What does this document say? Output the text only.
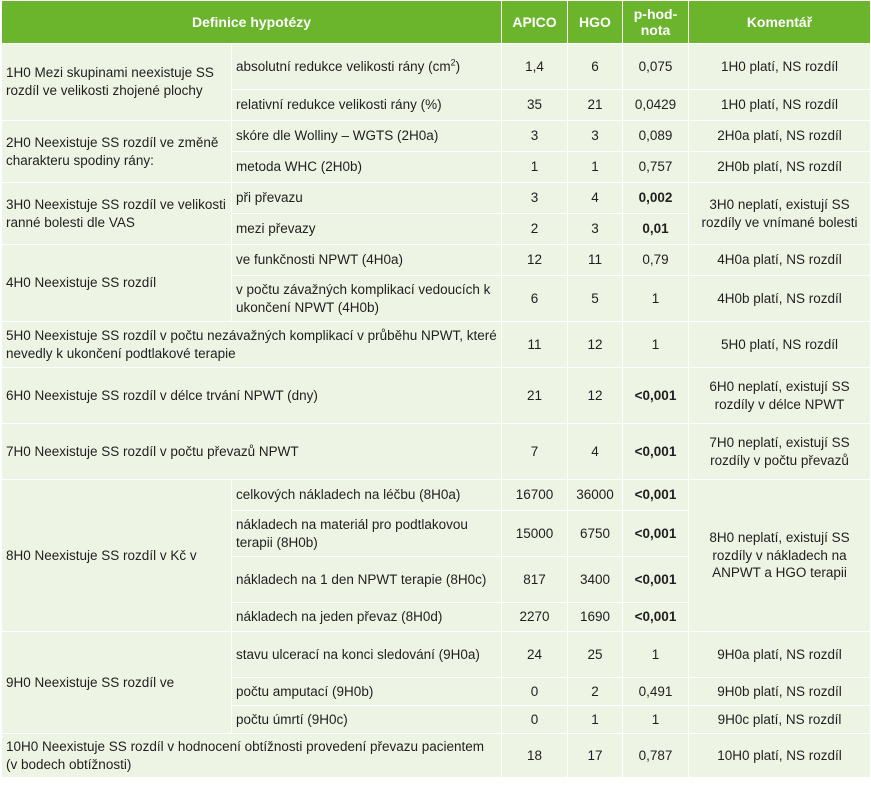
Definice hypotézy		APICO	HGO	p-hod-
nota	Komentář
1H0 Mezi skupinami neexistuje SS rozdíl ve velikosti zhojené plochy	absolutní redukce velikosti rány $(cm^2)$	1,4	6	0,075	1H0 platí, NS rozdíl
	relativní redukce velikosti rány (%)	35	21	0,0429	1H0 platí, NS rozdíl
2H0 Neexistuje SS rozdíl ve změně charakteru spodiny rány:	skóre dle Wolliny – WGTS (2H0a)	3	3	0,089	2H0a platí, NS rozdíl
	metoda WHC (2H0b)	1	1	0,757	2H0b platí, NS rozdíl
3H0 Neexistuje SS rozdíl ve velikosti ranné bolesti dle VAS	při převazu	3	4	0,002	3H0 neplatí, existují SS rozdíly ve vnímané bolesti
	mezi převazy	2	3	0,01	
4H0 Neexistuje SS rozdíl	ve funkčnosti NPWT (4H0a)	12	11	0,79	4H0a platí, NS rozdíl
	v počtu závažných komplikací vedoucích k ukončení NPWT (4H0b)	6	5	1	4H0b platí, NS rozdíl
5H0 Neexistuje SS rozdíl v počtu nezávažných komplikací v průběhu NPWT, které nevedly k ukončení podtlakové terapie		11	12	1	5H0 platí, NS rozdíl
6H0 Neexistuje SS rozdíl v délce trvání NPWT (dny)		21	12	<0,001	6H0 neplatí, existují SS rozdíly v délce NPWT
7H0 Neexistuje SS rozdíl v počtu převazů NPWT		7	4	<0,001	7H0 neplatí, existují SS rozdíly v počtu převazů
8H0 Neexistuje SS rozdíl v Kč v	celkových nákladech na léčbu (8H0a)	16700	36000	<0,001	8H0 neplatí, existují SS rozdíly v nákladech na ANPWT a HGO terapii
	nákladech na materiál pro podtlakovou terapii (8H0b)	15000	6750	<0,001	
	nákladech na 1 den NPWT terapie (8H0c)	817	3400	<0,001	
	nákladech na jeden převaz (8H0d)	2270	1690	<0,001	
9H0 Neexistuje SS rozdíl ve	stavu ulcerací na konci sledování (9H0a)	24	25	1	9H0a platí, NS rozdíl
	počtu amputací (9H0b)	0	2	0,491	9H0b platí, NS rozdíl
	počtu úmrtí (9H0c)	0	1	1	9H0c platí, NS rozdíl
10H0 Neexistuje SS rozdíl v hodnocení obtížnosti provedení převazu pacientem (v bodech obtížnosti)		18	17	0,787	10H0 platí, NS rozdíl
